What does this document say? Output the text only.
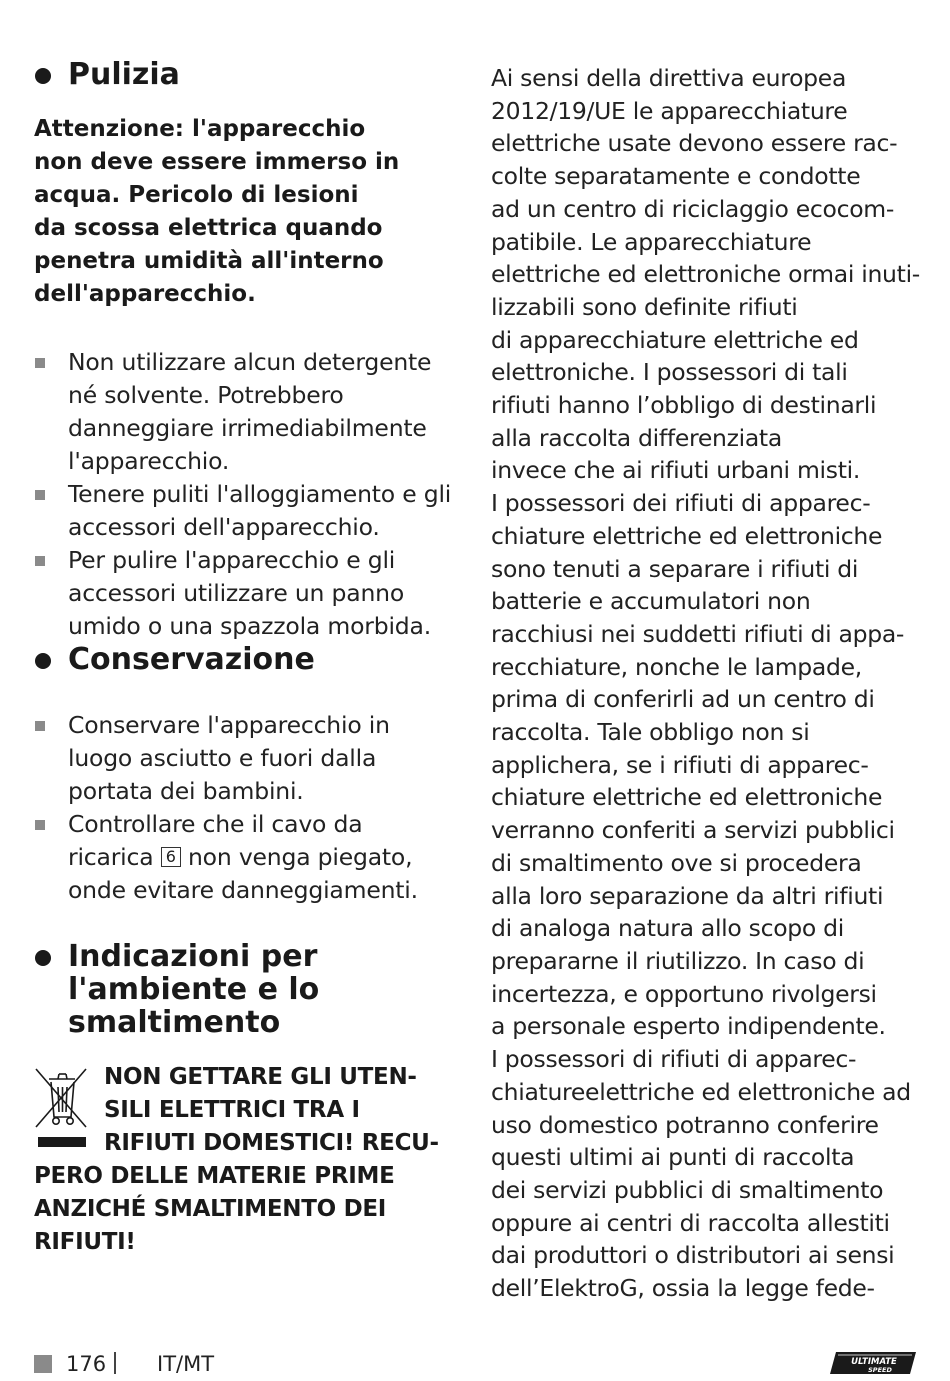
Pulizia
Attenzione: l'apparecchio
non deve essere immerso in
acqua. Pericolo di lesioni
da scossa elettrica quando
penetra umidità all'interno
dell'apparecchio.
Non utilizzare alcun detergente
né solvente. Potrebbero
danneggiare irrimediabilmente
l'apparecchio.
Tenere puliti l'alloggiamento e gli
accessori dell'apparecchio.
Per pulire l'apparecchio e gli
accessori utilizzare un panno
umido o una spazzola morbida.
Conservazione
Conservare l'apparecchio in
luogo asciutto e fuori dalla
portata dei bambini.
Controllare che il cavo da
ricarica 6 non venga piegato,
onde evitare danneggiamenti.
Indicazioni per
l'ambiente e lo
smaltimento
NON GETTARE GLI UTEN-
SILI ELETTRICI TRA I
RIFIUTI DOMESTICI! RECU-
PERO DELLE MATERIE PRIME
ANZICHÉ SMALTIMENTO DEI
RIFIUTI!
Ai sensi della direttiva europea
2012/19/UE le apparecchiature
elettriche usate devono essere rac-
colte separatamente e condotte
ad un centro di riciclaggio ecocom-
patibile. Le apparecchiature
elettriche ed elettroniche ormai inuti-
lizzabili sono definite rifiuti
di apparecchiature elettriche ed
elettroniche. I possessori di tali
rifiuti hanno l’obbligo di destinarli
alla raccolta differenziata
invece che ai rifiuti urbani misti.
I possessori dei rifiuti di apparec-
chiature elettriche ed elettroniche
sono tenuti a separare i rifiuti di
batterie e accumulatori non
racchiusi nei suddetti rifiuti di appa-
recchiature, nonche le lampade,
prima di conferirli ad un centro di
raccolta. Tale obbligo non si
applichera, se i rifiuti di apparec-
chiature elettriche ed elettroniche
verranno conferiti a servizi pubblici
di smaltimento ove si procedera
alla loro separazione da altri rifiuti
di analoga natura allo scopo di
prepararne il riutilizzo. In caso di
incertezza, e opportuno rivolgersi
a personale esperto indipendente.
I possessori di rifiuti di apparec-
chiatureelettriche ed elettroniche ad
uso domestico potranno conferire
questi ultimi ai punti di raccolta
dei servizi pubblici di smaltimento
oppure ai centri di raccolta allestiti
dai produttori o distributori ai sensi
dell’ElektroG, ossia la legge fede-
176 IT/MT	ULTIMATE
SPEED
